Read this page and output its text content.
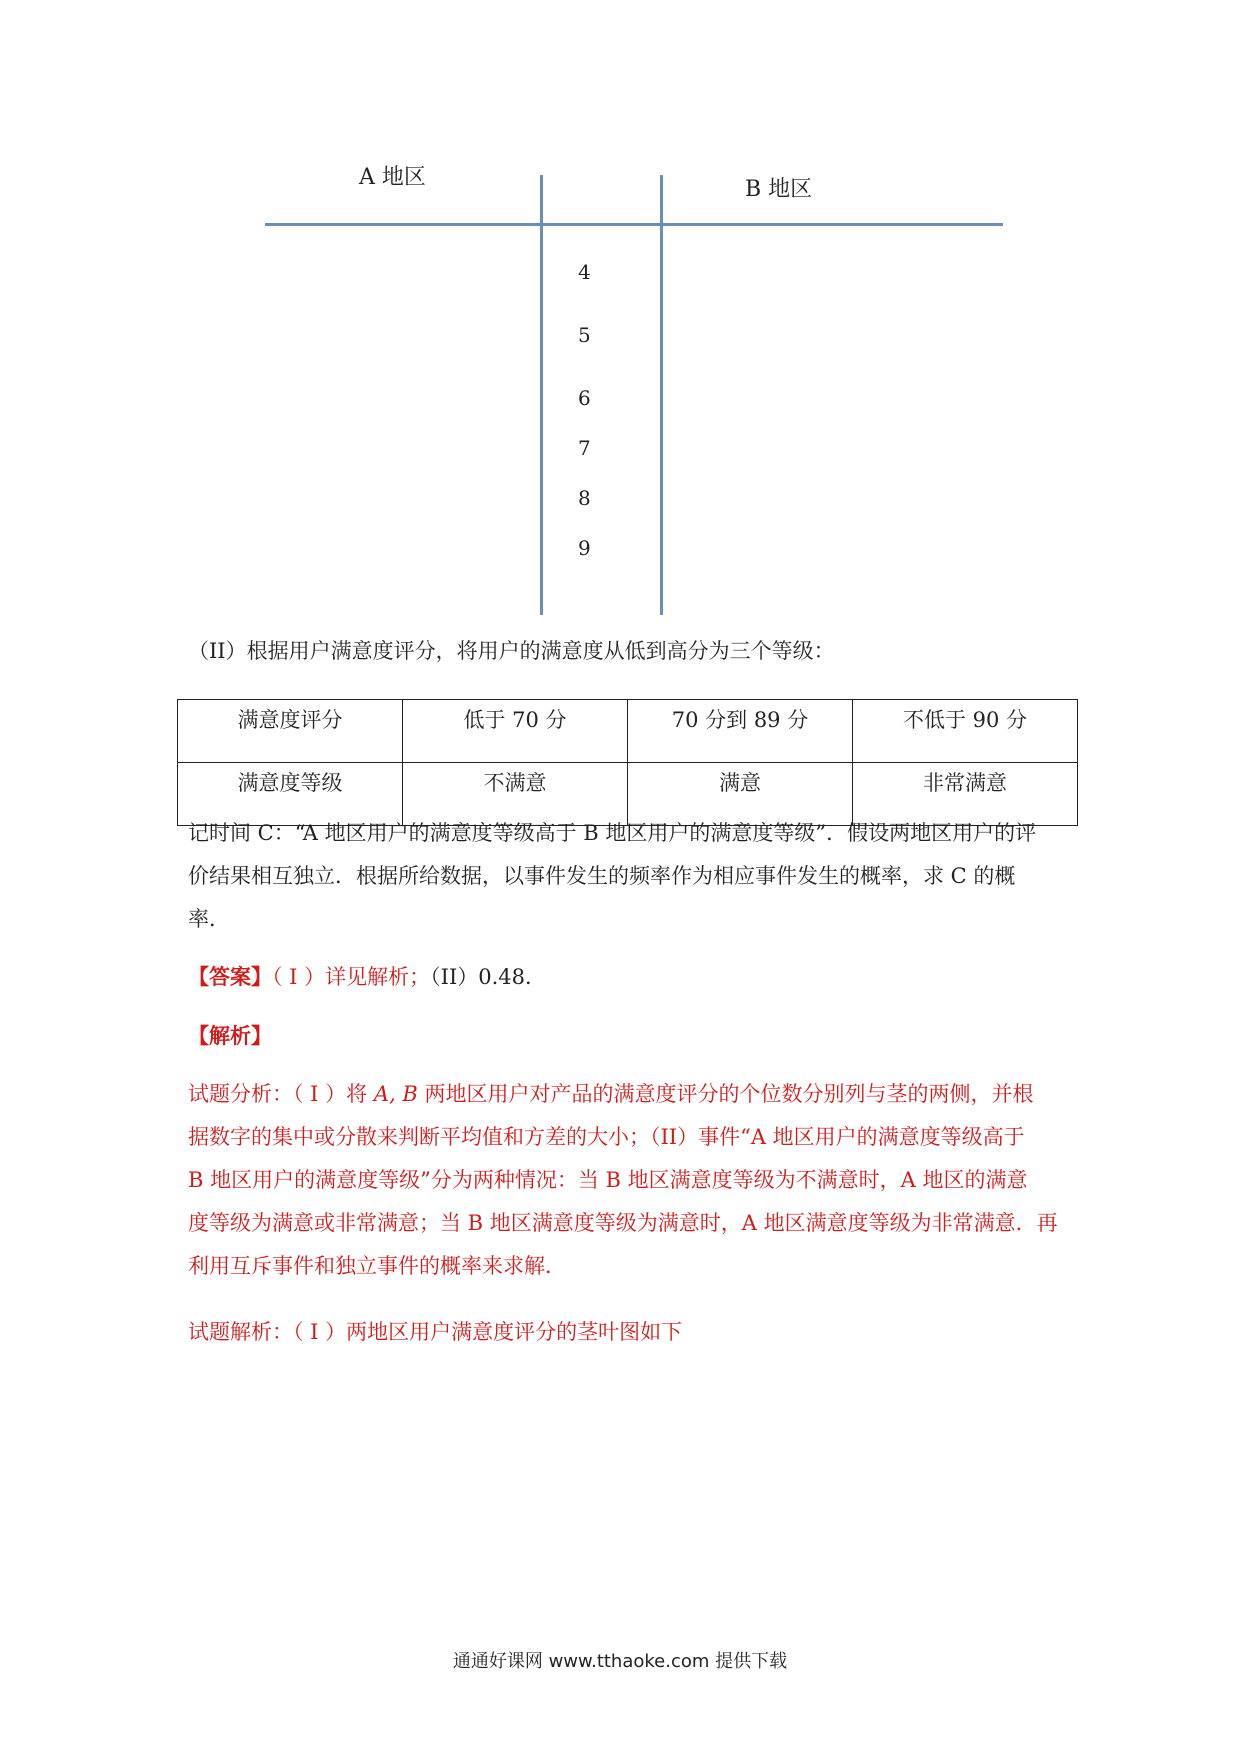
A 地区	B 地区
4
5
6
7
8
9
（II）根据用户满意度评分，将用户的满意度从低到高分为三个等级：
满意度评分	低于 70 分	70 分到 89 分	不低于 90 分
满意度等级	不满意	满意	非常满意
记时间 C：“A 地区用户的满意度等级高于 B 地区用户的满意度等级”．假设两地区用户的评
价结果相互独立．根据所给数据，以事件发生的频率作为相应事件发生的概率，求 C 的概
率．
【答案】（ I ）详见解析；（II）0.48．
【解析】
试题分析：（ I ）将 A, B 两地区用户对产品的满意度评分的个位数分别列与茎的两侧，并根
据数字的集中或分散来判断平均值和方差的大小；（II）事件“A 地区用户的满意度等级高于
B 地区用户的满意度等级”分为两种情况：当 B 地区满意度等级为不满意时，A 地区的满意
度等级为满意或非常满意；当 B 地区满意度等级为满意时，A 地区满意度等级为非常满意．再
利用互斥事件和独立事件的概率来求解．
试题解析：（ I ）两地区用户满意度评分的茎叶图如下
通通好课网 www.tthaoke.com 提供下载
